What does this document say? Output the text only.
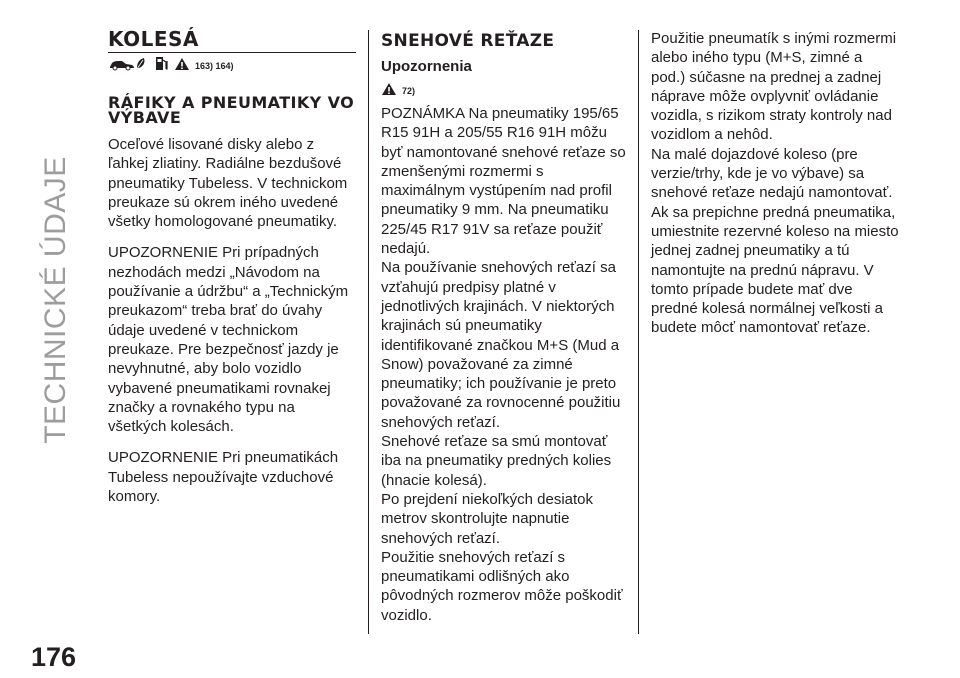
TECHNICKÉ ÚDAJE
176
KOLESÁ
163) 164)
RÁFIKY A PNEUMATIKY VO VÝBAVE

Oceľové lisované disky alebo z ľahkej zliatiny. Radiálne bezdušové pneumatiky Tubeless. V technickom preukaze sú okrem iného uvedené všetky homologované pneumatiky.

UPOZORNENIE Pri prípadných nezhodách medzi „Návodom na používanie a údržbu“ a „Technickým preukazom“ treba brať do úvahy údaje uvedené v technickom preukaze. Pre bezpečnosť jazdy je nevyhnutné, aby bolo vozidlo vybavené pneumatikami rovnakej značky a rovnakého typu na všetkých kolesách.

UPOZORNENIE Pri pneumatikách Tubeless nepoužívajte vzduchové komory.

SNEHOVÉ REŤAZE
Upozornenia
72)

POZNÁMKA Na pneumatiky 195/65 R15 91H a 205/55 R16 91H môžu byť namontované snehové reťaze so zmenšenými rozmermi s maximálnym vystúpením nad profil pneumatiky 9 mm. Na pneumatiku 225/45 R17 91V sa reťaze použiť nedajú.

Na používanie snehových reťazí sa vzťahujú predpisy platné v jednotlivých krajinách. V niektorých krajinách sú pneumatiky identifikované značkou M+S (Mud a Snow) považované za zimné pneumatiky; ich používanie je preto považované za rovnocenné použitiu snehových reťazí.

Snehové reťaze sa smú montovať iba na pneumatiky predných kolies (hnacie kolesá).

Po prejdení niekoľkých desiatok metrov skontrolujte napnutie snehových reťazí.

Použitie snehových reťazí s pneumatikami odlišných ako pôvodných rozmerov môže poškodiť vozidlo.

Použitie pneumatík s inými rozmermi alebo iného typu (M+S, zimné a pod.) súčasne na prednej a zadnej náprave môže ovplyvniť ovládanie vozidla, s rizikom straty kontroly nad vozidlom a nehôd.

Na malé dojazdové koleso (pre verzie/trhy, kde je vo výbave) sa snehové reťaze nedajú namontovať. Ak sa prepichne predná pneumatika, umiestnite rezervné koleso na miesto jednej zadnej pneumatiky a tú namontujte na prednú nápravu. V tomto prípade budete mať dve predné kolesá normálnej veľkosti a budete môcť namontovať reťaze.
